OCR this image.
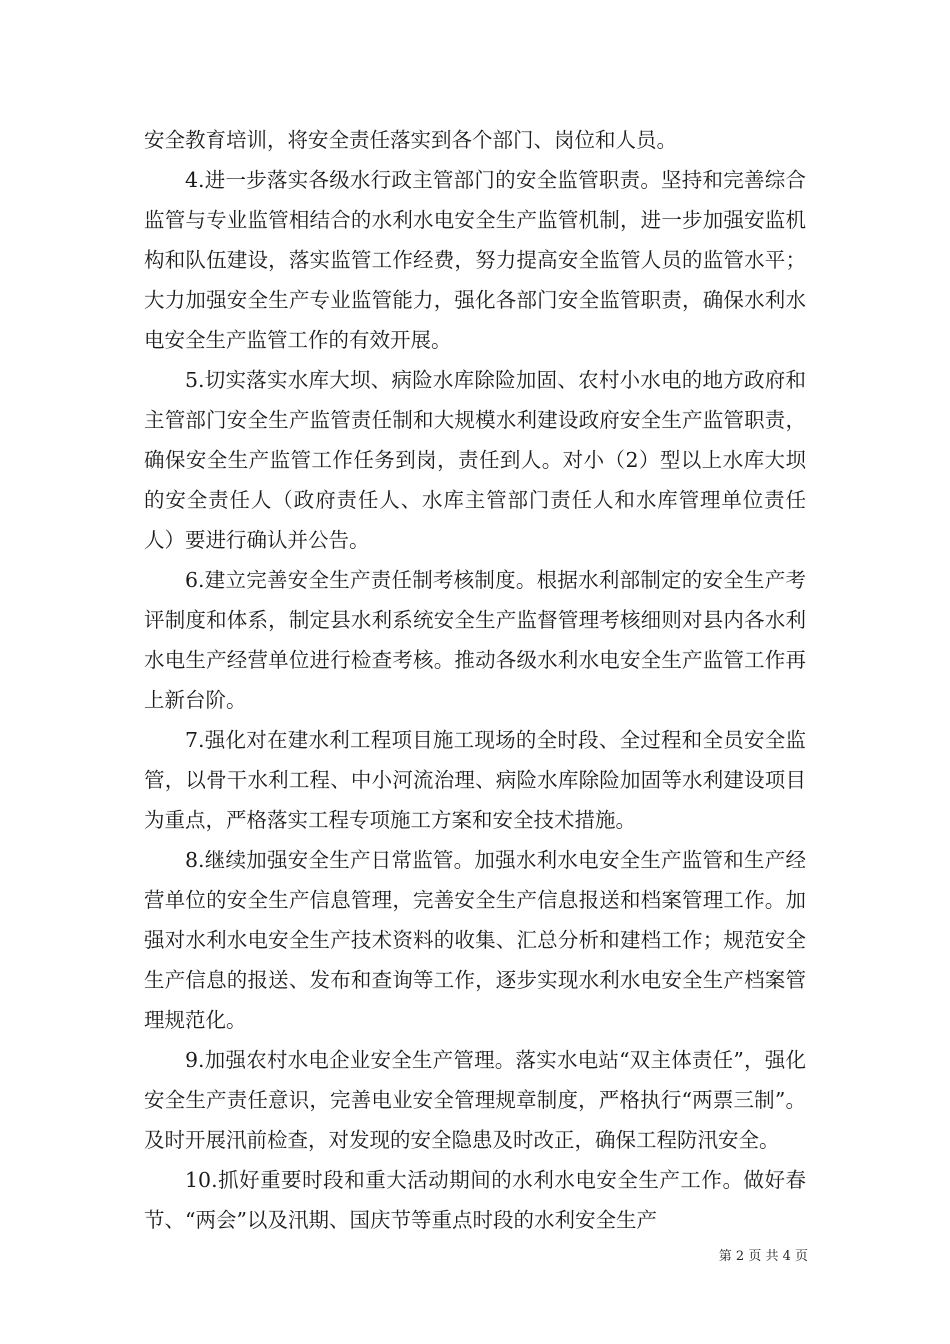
安全教育培训，将安全责任落实到各个部门、岗位和人员。

4.进一步落实各级水行政主管部门的安全监管职责。坚持和完善综合监管与专业监管相结合的水利水电安全生产监管机制，进一步加强安监机构和队伍建设，落实监管工作经费，努力提高安全监管人员的监管水平；大力加强安全生产专业监管能力，强化各部门安全监管职责，确保水利水电安全生产监管工作的有效开展。

5.切实落实水库大坝、病险水库除险加固、农村小水电的地方政府和主管部门安全生产监管责任制和大规模水利建设政府安全生产监管职责，确保安全生产监管工作任务到岗，责任到人。对小（2）型以上水库大坝的安全责任人（政府责任人、水库主管部门责任人和水库管理单位责任人）要进行确认并公告。

6.建立完善安全生产责任制考核制度。根据水利部制定的安全生产考评制度和体系，制定县水利系统安全生产监督管理考核细则对县内各水利水电生产经营单位进行检查考核。推动各级水利水电安全生产监管工作再上新台阶。

7.强化对在建水利工程项目施工现场的全时段、全过程和全员安全监管，以骨干水利工程、中小河流治理、病险水库除险加固等水利建设项目为重点，严格落实工程专项施工方案和安全技术措施。

8.继续加强安全生产日常监管。加强水利水电安全生产监管和生产经营单位的安全生产信息管理，完善安全生产信息报送和档案管理工作。加强对水利水电安全生产技术资料的收集、汇总分析和建档工作；规范安全生产信息的报送、发布和查询等工作，逐步实现水利水电安全生产档案管理规范化。

9.加强农村水电企业安全生产管理。落实水电站“双主体责任”，强化安全生产责任意识，完善电业安全管理规章制度，严格执行“两票三制”。及时开展汛前检查，对发现的安全隐患及时改正，确保工程防汛安全。

10.抓好重要时段和重大活动期间的水利水电安全生产工作。做好春节、“两会”以及汛期、国庆节等重点时段的水利安全生产

第 2 页 共 4 页
